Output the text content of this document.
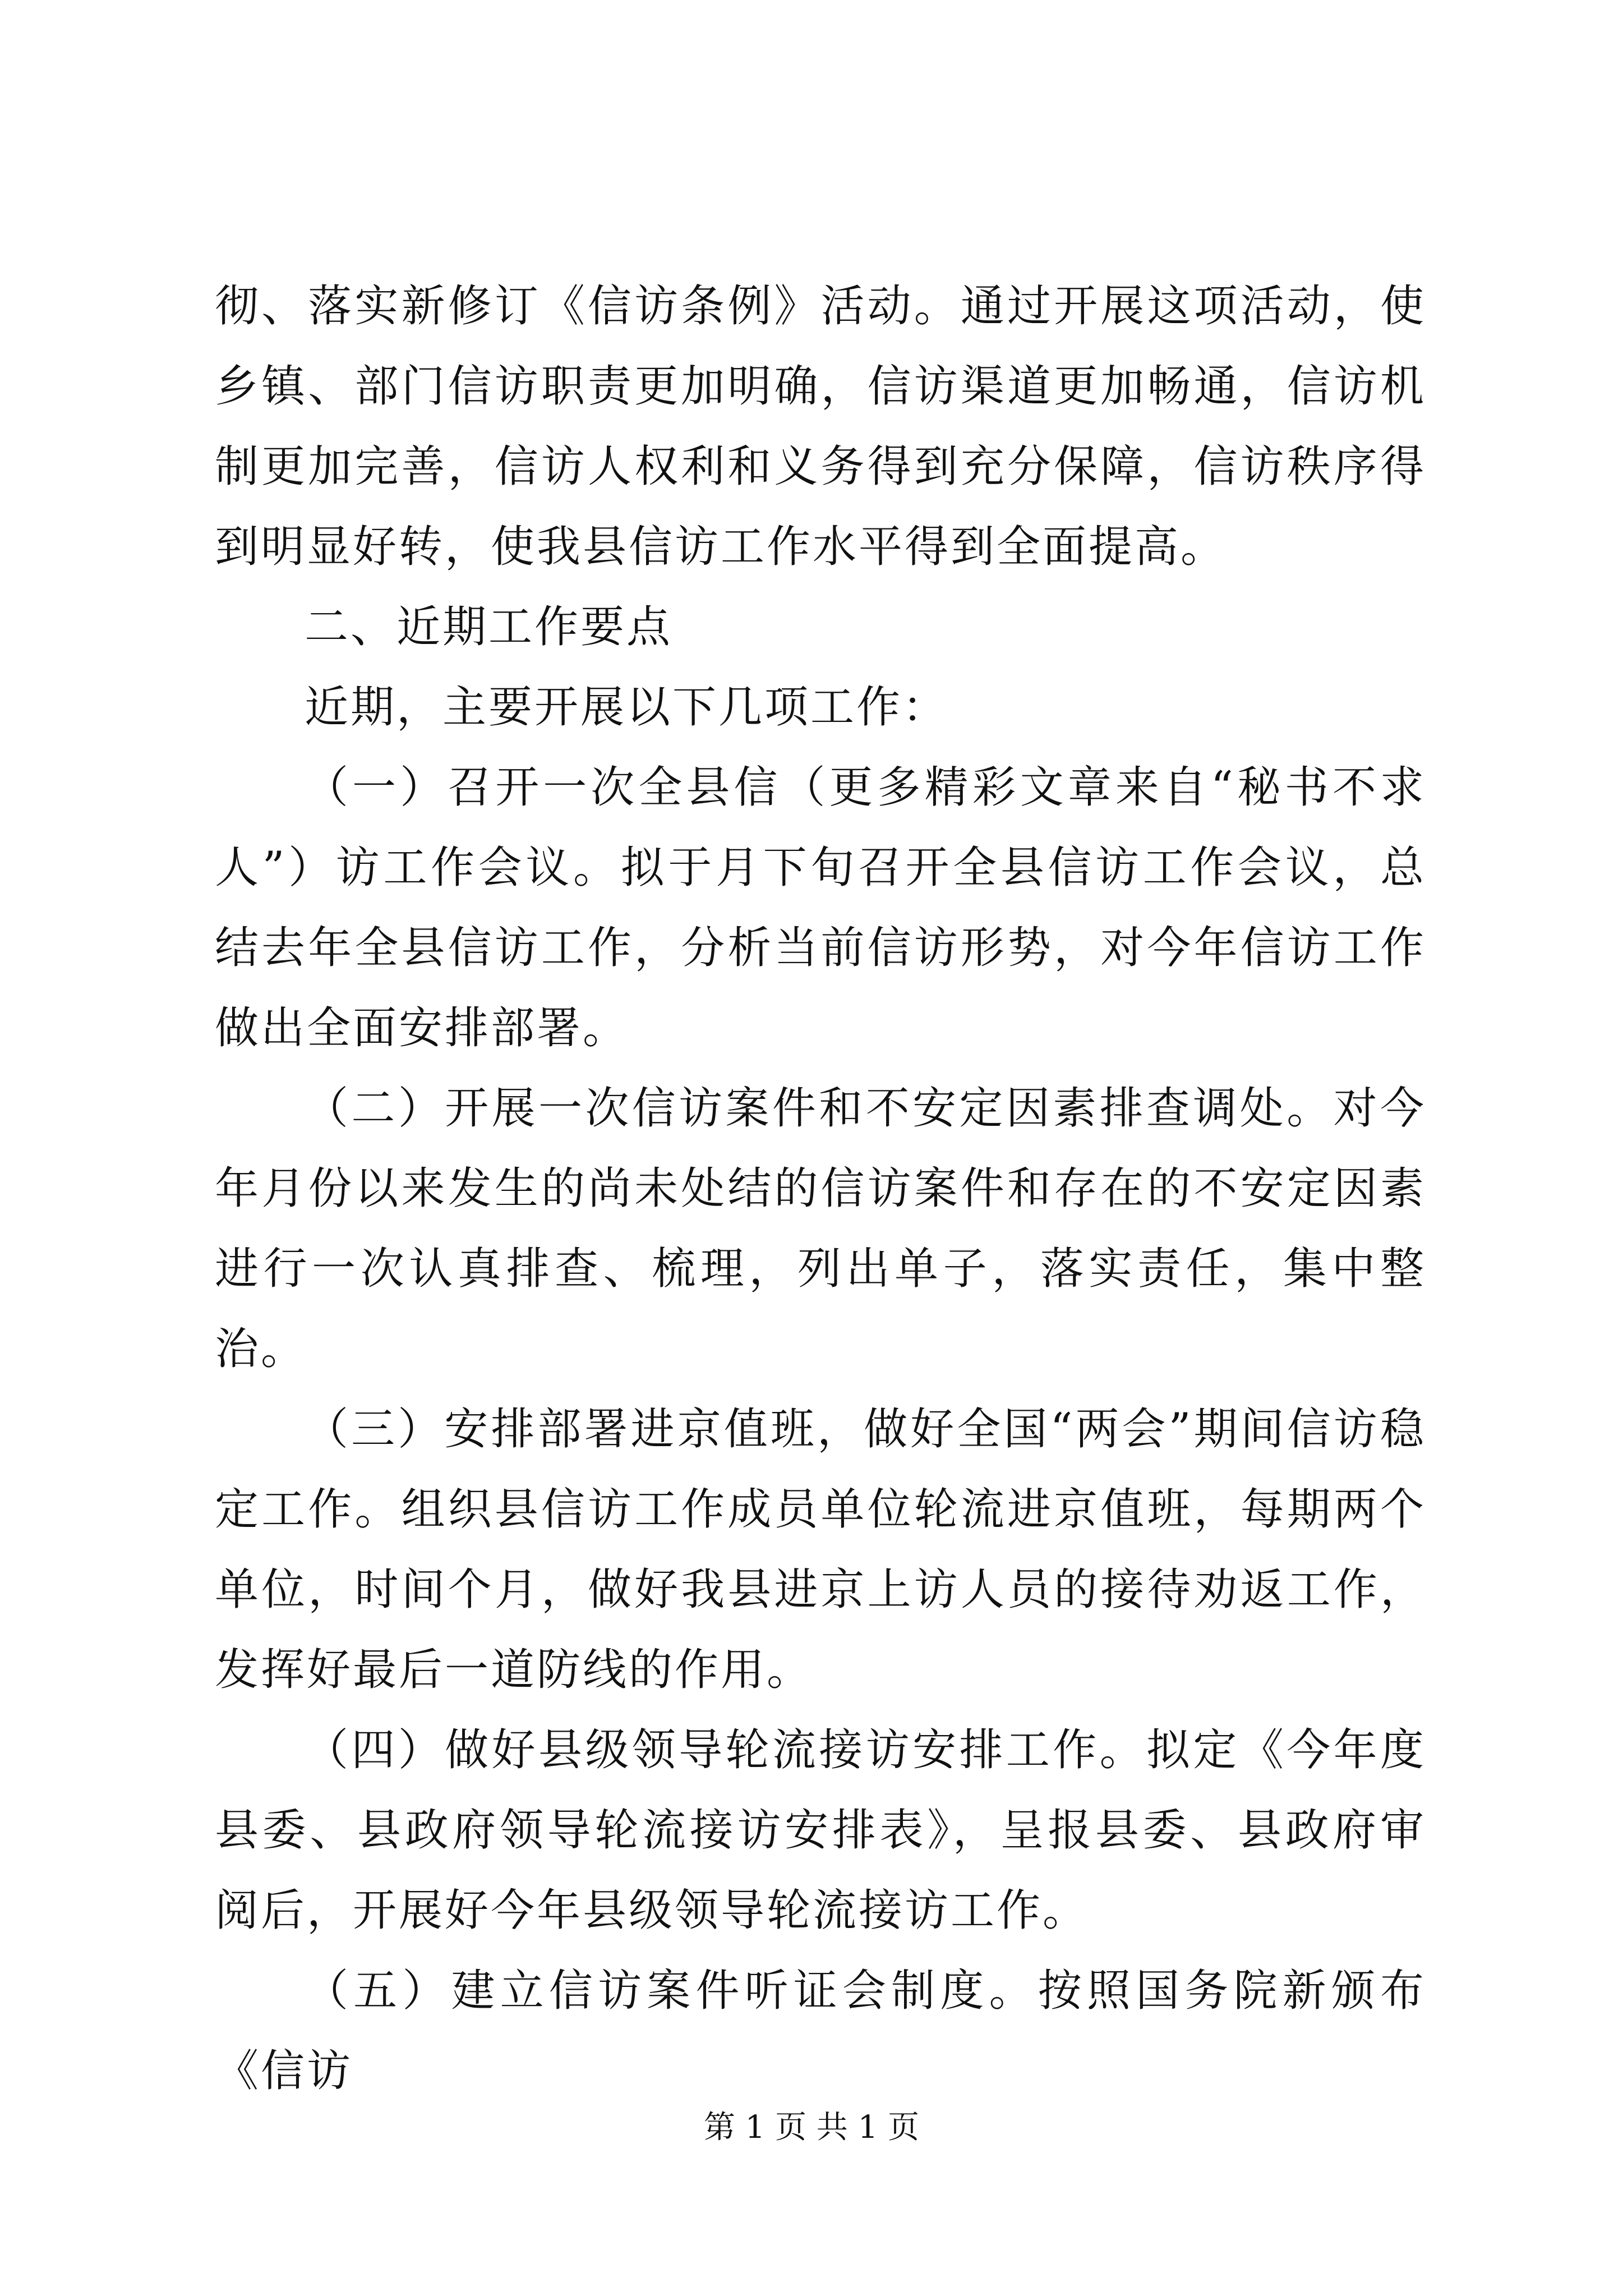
彻、落实新修订《信访条例》活动。通过开展这项活动，使乡镇、部门信访职责更加明确，信访渠道更加畅通，信访机制更加完善，信访人权利和义务得到充分保障，信访秩序得到明显好转，使我县信访工作水平得到全面提高。

二、近期工作要点

近期，主要开展以下几项工作：

（一）召开一次全县信（更多精彩文章来自“秘书不求人”）访工作会议。拟于月下旬召开全县信访工作会议，总结去年全县信访工作，分析当前信访形势，对今年信访工作做出全面安排部署。

（二）开展一次信访案件和不安定因素排查调处。对今年月份以来发生的尚未处结的信访案件和存在的不安定因素进行一次认真排查、梳理，列出单子，落实责任，集中整治。

（三）安排部署进京值班，做好全国“两会”期间信访稳定工作。组织县信访工作成员单位轮流进京值班，每期两个单位，时间个月，做好我县进京上访人员的接待劝返工作，发挥好最后一道防线的作用。

（四）做好县级领导轮流接访安排工作。拟定《今年度县委、县政府领导轮流接访安排表》，呈报县委、县政府审阅后，开展好今年县级领导轮流接访工作。

（五）建立信访案件听证会制度。按照国务院新颁布《信访

第 1 页 共 1 页
